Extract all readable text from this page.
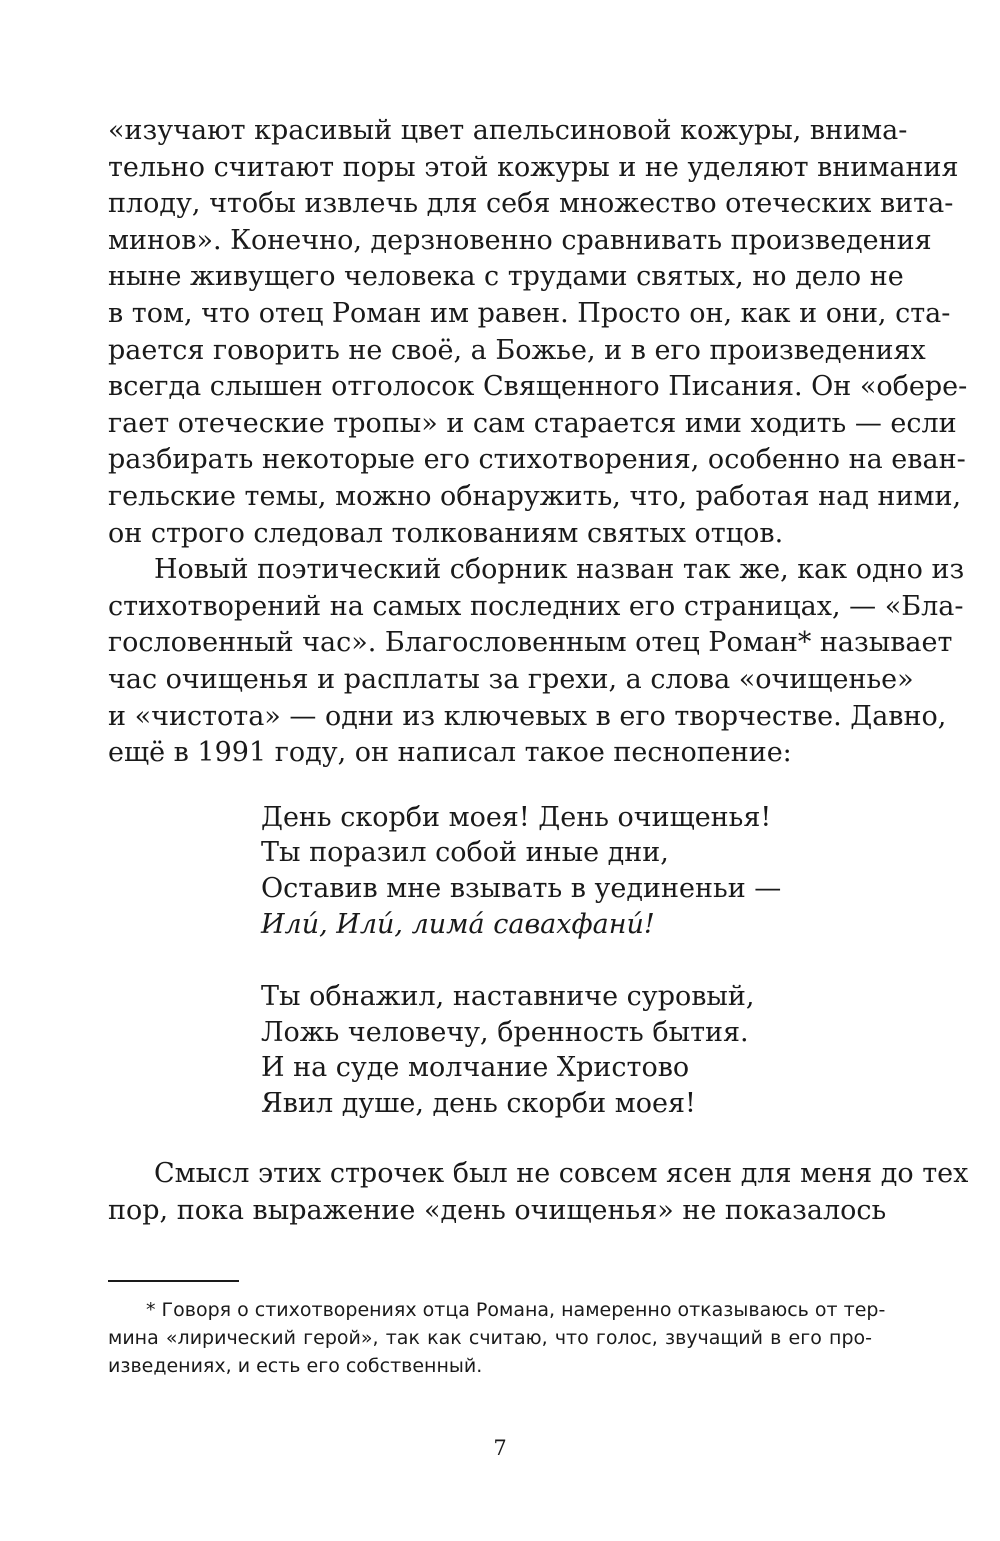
«изучают красивый цвет апельсиновой кожуры, внима-
тельно считают поры этой кожуры и не уделяют внимания
плоду, чтобы извлечь для себя множество отеческих вита-
минов». Конечно, дерзновенно сравнивать произведения
ныне живущего человека с трудами святых, но дело не
в том, что отец Роман им равен. Просто он, как и они, ста-
рается говорить не своё, а Божье, и в его произведениях
всегда слышен отголосок Священного Писания. Он «обере-
гает отеческие тропы» и сам старается ими ходить — если
разбирать некоторые его стихотворения, особенно на еван-
гельские темы, можно обнаружить, что, работая над ними,
он строго следовал толкованиям святых отцов.
Новый поэтический сборник назван так же, как одно из
стихотворений на самых последних его страницах, — «Бла-
гословенный час». Благословенным отец Роман* называет
час очищенья и расплаты за грехи, а слова «очищенье»
и «чистота» — одни из ключевых в его творчестве. Давно,
ещё в 1991 году, он написал такое песнопение:
День скорби моея! День очищенья!
Ты поразил собой иные дни,
Оставив мне взывать в уединеньи —
Илú, Илú, лимá савахфанú!
Ты обнажил, наставниче суровый,
Ложь человечу, бренность бытия.
И на суде молчание Христово
Явил душе, день скорби моея!
Смысл этих строчек был не совсем ясен для меня до тех
пор, пока выражение «день очищенья» не показалось
* Говоря о стихотворениях отца Романа, намеренно отказываюсь от тер-
мина «лирический герой», так как считаю, что голос, звучащий в его про-
изведениях, и есть его собственный.
7
